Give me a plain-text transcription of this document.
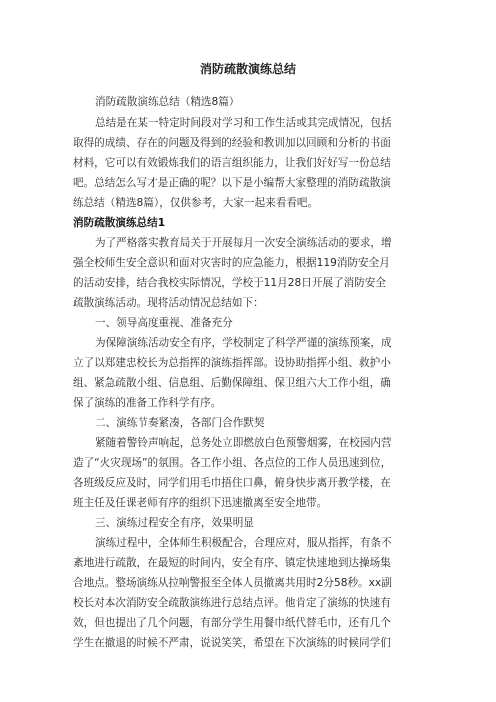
消防疏散演练总结
消防疏散演练总结（精选8篇）
总结是在某一特定时间段对学习和工作生活或其完成情况，包括
取得的成绩、存在的问题及得到的经验和教训加以回顾和分析的书面
材料，它可以有效锻炼我们的语言组织能力，让我们好好写一份总结
吧。总结怎么写才是正确的呢？以下是小编帮大家整理的消防疏散演
练总结（精选8篇），仅供参考，大家一起来看看吧。
消防疏散演练总结1
为了严格落实教育局关于开展每月一次安全演练活动的要求，增
强全校师生安全意识和面对灾害时的应急能力，根据119消防安全月
的活动安排，结合我校实际情况，学校于11月28日开展了消防安全
疏散演练活动。现将活动情况总结如下：
一、领导高度重视、准备充分
为保障演练活动安全有序，学校制定了科学严谨的演练预案，成
立了以郑建忠校长为总指挥的演练指挥部。设协助指挥小组、救护小
组、紧急疏散小组、信息组、后勤保障组、保卫组六大工作小组，确
保了演练的准备工作科学有序。
二、演练节奏紧凑，各部门合作默契
紧随着警铃声响起，总务处立即燃放白色预警烟雾，在校园内营
造了“火灾现场”的氛围。各工作小组、各点位的工作人员迅速到位，
各班级反应及时，同学们用毛巾捂住口鼻，俯身快步离开教学楼，在
班主任及任课老师有序的组织下迅速撤离至安全地带。
三、演练过程安全有序，效果明显
演练过程中，全体师生积极配合，合理应对，服从指挥，有条不
紊地进行疏散，在最短的时间内，安全有序、镇定快速地到达操场集
合地点。整场演练从拉响警报至全体人员撤离共用时2分58秒。xx副
校长对本次消防安全疏散演练进行总结点评。他肯定了演练的快速有
效，但也提出了几个问题，有部分学生用餐巾纸代替毛巾，还有几个
学生在撤退的时候不严肃，说说笑笑，希望在下次演练的时候同学们
